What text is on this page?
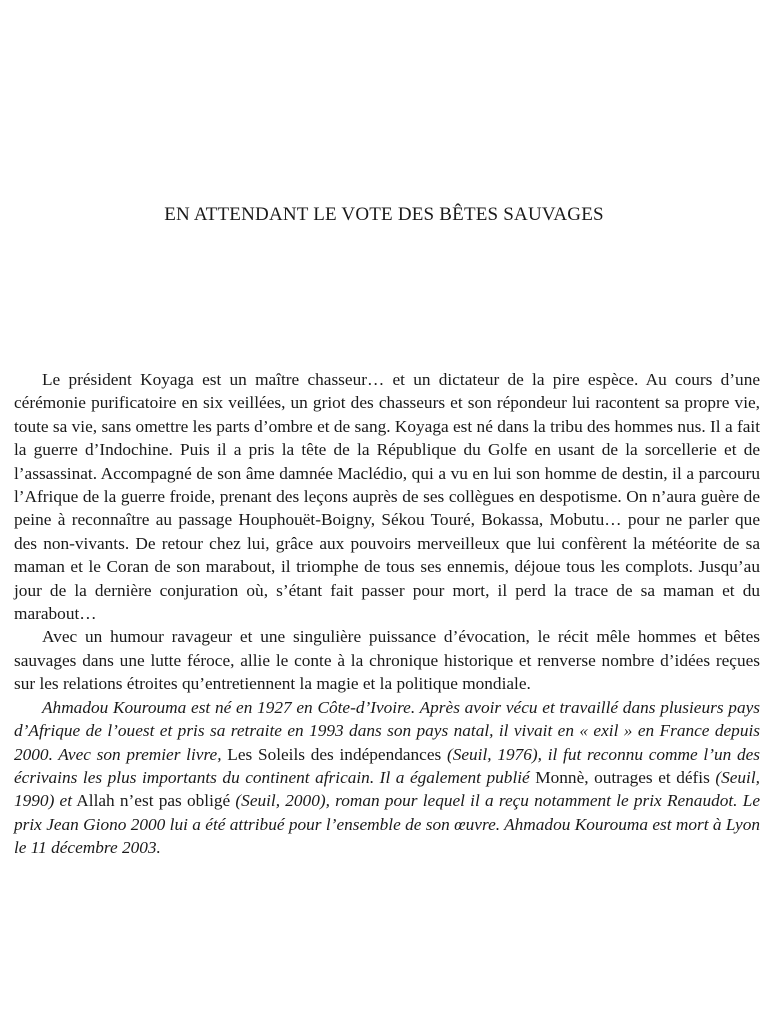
EN ATTENDANT LE VOTE DES BÊTES SAUVAGES

Le président Koyaga est un maître chasseur… et un dictateur de la pire espèce. Au cours d’une cérémonie purificatoire en six veillées, un griot des chasseurs et son répondeur lui racontent sa propre vie, toute sa vie, sans omettre les parts d’ombre et de sang. Koyaga est né dans la tribu des hommes nus. Il a fait la guerre d’Indochine. Puis il a pris la tête de la République du Golfe en usant de la sorcellerie et de l’assassinat. Accompagné de son âme damnée Maclédio, qui a vu en lui son homme de destin, il a parcouru l’Afrique de la guerre froide, prenant des leçons auprès de ses collègues en despotisme. On n’aura guère de peine à reconnaître au passage Houphouët-Boigny, Sékou Touré, Bokassa, Mobutu… pour ne parler que des non-vivants. De retour chez lui, grâce aux pouvoirs merveilleux que lui confèrent la météorite de sa maman et le Coran de son marabout, il triomphe de tous ses ennemis, déjoue tous les complots. Jusqu’au jour de la dernière conjuration où, s’étant fait passer pour mort, il perd la trace de sa maman et du marabout…

Avec un humour ravageur et une singulière puissance d’évocation, le récit mêle hommes et bêtes sauvages dans une lutte féroce, allie le conte à la chronique historique et renverse nombre d’idées reçues sur les relations étroites qu’entretiennent la magie et la politique mondiale.

Ahmadou Kourouma est né en 1927 en Côte-d’Ivoire. Après avoir vécu et travaillé dans plusieurs pays d’Afrique de l’ouest et pris sa retraite en 1993 dans son pays natal, il vivait en « exil » en France depuis 2000. Avec son premier livre, Les Soleils des indépendances (Seuil, 1976), il fut reconnu comme l’un des écrivains les plus importants du continent africain. Il a également publié Monnè, outrages et défis (Seuil, 1990) et Allah n’est pas obligé (Seuil, 2000), roman pour lequel il a reçu notamment le prix Renaudot. Le prix Jean Giono 2000 lui a été attribué pour l’ensemble de son œuvre. Ahmadou Kourouma est mort à Lyon le 11 décembre 2003.
